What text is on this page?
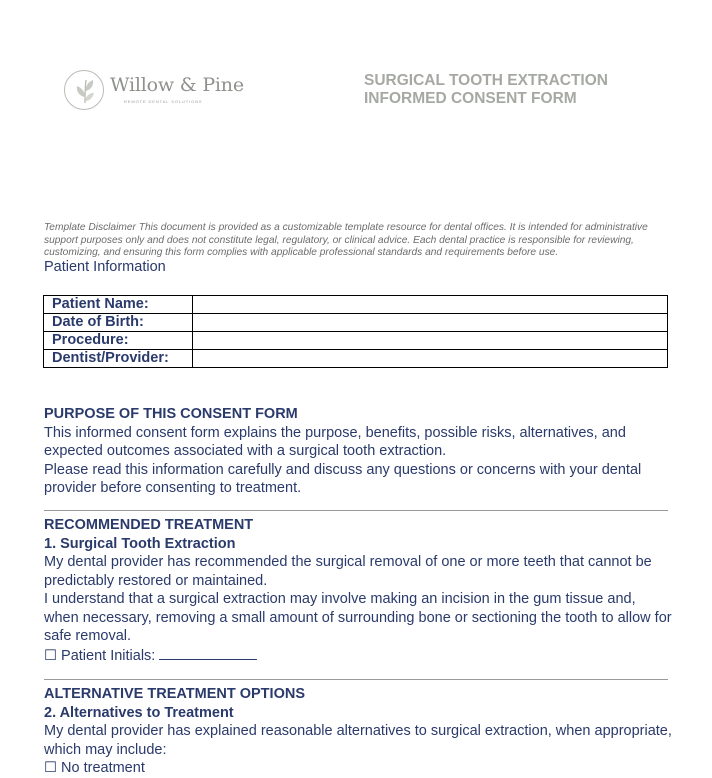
Willow & Pine
REMOTE DENTAL SOLUTIONS
SURGICAL TOOTH EXTRACTION
INFORMED CONSENT FORM
Template Disclaimer This document is provided as a customizable template resource for dental offices. It is intended for administrative support purposes only and does not constitute legal, regulatory, or clinical advice. Each dental practice is responsible for reviewing, customizing, and ensuring this form complies with applicable professional standards and requirements before use.
Patient Information
Patient Name:	
Date of Birth:	
Procedure:	
Dentist/Provider:	
PURPOSE OF THIS CONSENT FORM

This informed consent form explains the purpose, benefits, possible risks, alternatives, and expected outcomes associated with a surgical tooth extraction.

Please read this information carefully and discuss any questions or concerns with your dental provider before consenting to treatment.

RECOMMENDED TREATMENT
1. Surgical Tooth Extraction

My dental provider has recommended the surgical removal of one or more teeth that cannot be predictably restored or maintained.

I understand that a surgical extraction may involve making an incision in the gum tissue and, when necessary, removing a small amount of surrounding bone or sectioning the tooth to allow for safe removal.

☐ Patient Initials:

ALTERNATIVE TREATMENT OPTIONS
2. Alternatives to Treatment

My dental provider has explained reasonable alternatives to surgical extraction, when appropriate, which may include:

☐ No treatment
